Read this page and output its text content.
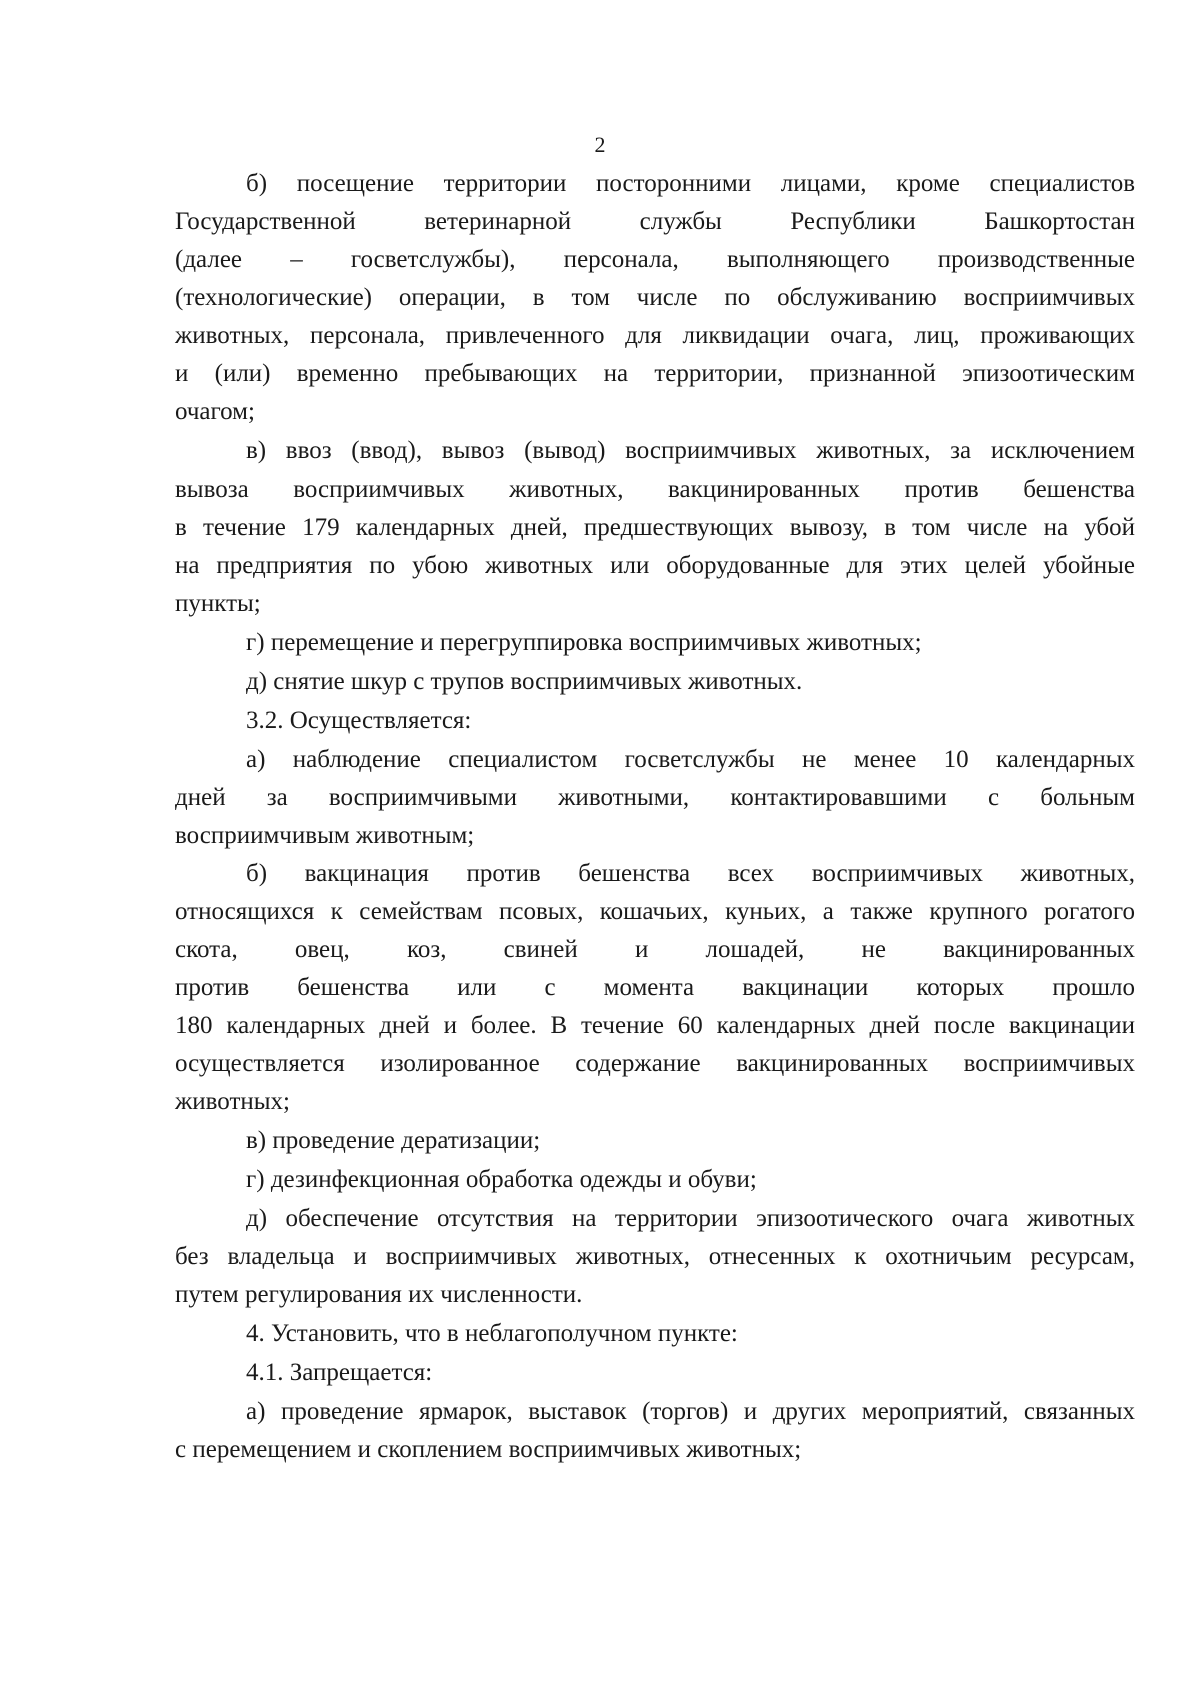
2
б) посещение территории посторонними лицами, кроме специалистов
Государственной ветеринарной службы Республики Башкортостан
(далее – госветслужбы), персонала, выполняющего производственные
(технологические) операции, в том числе по обслуживанию восприимчивых
животных, персонала, привлеченного для ликвидации очага, лиц, проживающих
и (или) временно пребывающих на территории, признанной эпизоотическим
очагом;
в) ввоз (ввод), вывоз (вывод) восприимчивых животных, за исключением
вывоза восприимчивых животных, вакцинированных против бешенства
в течение 179 календарных дней, предшествующих вывозу, в том числе на убой
на предприятия по убою животных или оборудованные для этих целей убойные
пункты;
г) перемещение и перегруппировка восприимчивых животных;
д) снятие шкур с трупов восприимчивых животных.
3.2. Осуществляется:
а) наблюдение специалистом госветслужбы не менее 10 календарных
дней за восприимчивыми животными, контактировавшими с больным
восприимчивым животным;
б) вакцинация против бешенства всех восприимчивых животных,
относящихся к семействам псовых, кошачьих, куньих, а также крупного рогатого
скота, овец, коз, свиней и лошадей, не вакцинированных
против бешенства или с момента вакцинации которых прошло
180 календарных дней и более. В течение 60 календарных дней после вакцинации
осуществляется изолированное содержание вакцинированных восприимчивых
животных;
в) проведение дератизации;
г) дезинфекционная обработка одежды и обуви;
д) обеспечение отсутствия на территории эпизоотического очага животных
без владельца и восприимчивых животных, отнесенных к охотничьим ресурсам,
путем регулирования их численности.
4. Установить, что в неблагополучном пункте:
4.1. Запрещается:
а) проведение ярмарок, выставок (торгов) и других мероприятий, связанных
с перемещением и скоплением восприимчивых животных;
